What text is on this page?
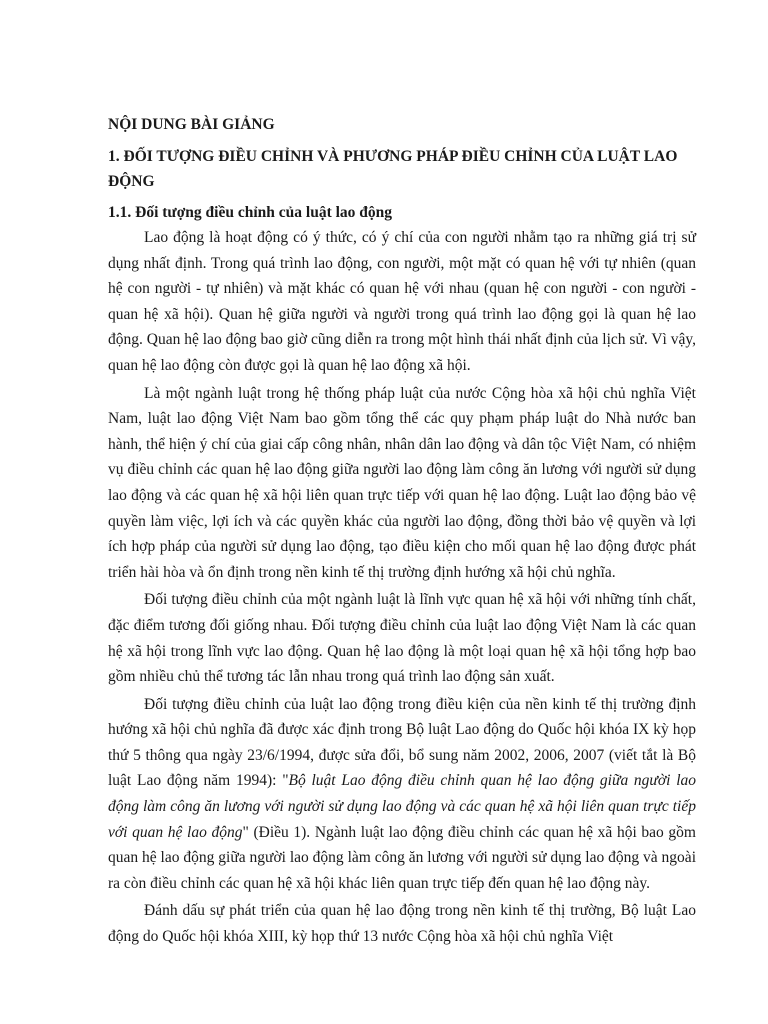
NỘI DUNG BÀI GIẢNG

1. ĐỐI TƯỢNG ĐIỀU CHỈNH VÀ PHƯƠNG PHÁP ĐIỀU CHỈNH CỦA LUẬT LAO ĐỘNG

1.1. Đối tượng điều chỉnh của luật lao động

Lao động là hoạt động có ý thức, có ý chí của con người nhằm tạo ra những giá trị sử dụng nhất định. Trong quá trình lao động, con người, một mặt có quan hệ với tự nhiên (quan hệ con người - tự nhiên) và mặt khác có quan hệ với nhau (quan hệ con người - con người - quan hệ xã hội). Quan hệ giữa người và người trong quá trình lao động gọi là quan hệ lao động. Quan hệ lao động bao giờ cũng diễn ra trong một hình thái nhất định của lịch sử. Vì vậy, quan hệ lao động còn được gọi là quan hệ lao động xã hội.

Là một ngành luật trong hệ thống pháp luật của nước Cộng hòa xã hội chủ nghĩa Việt Nam, luật lao động Việt Nam bao gồm tổng thể các quy phạm pháp luật do Nhà nước ban hành, thể hiện ý chí của giai cấp công nhân, nhân dân lao động và dân tộc Việt Nam, có nhiệm vụ điều chỉnh các quan hệ lao động giữa người lao động làm công ăn lương với người sử dụng lao động và các quan hệ xã hội liên quan trực tiếp với quan hệ lao động. Luật lao động bảo vệ quyền làm việc, lợi ích và các quyền khác của người lao động, đồng thời bảo vệ quyền và lợi ích hợp pháp của người sử dụng lao động, tạo điều kiện cho mối quan hệ lao động được phát triển hài hòa và ổn định trong nền kinh tế thị trường định hướng xã hội chủ nghĩa.

Đối tượng điều chỉnh của một ngành luật là lĩnh vực quan hệ xã hội với những tính chất, đặc điểm tương đối giống nhau. Đối tượng điều chỉnh của luật lao động Việt Nam là các quan hệ xã hội trong lĩnh vực lao động. Quan hệ lao động là một loại quan hệ xã hội tổng hợp bao gồm nhiều chủ thể tương tác lẫn nhau trong quá trình lao động sản xuất.

Đối tượng điều chỉnh của luật lao động trong điều kiện của nền kinh tế thị trường định hướng xã hội chủ nghĩa đã được xác định trong Bộ luật Lao động do Quốc hội khóa IX kỳ họp thứ 5 thông qua ngày 23/6/1994, được sửa đổi, bổ sung năm 2002, 2006, 2007 (viết tắt là Bộ luật Lao động năm 1994): "Bộ luật Lao động điều chỉnh quan hệ lao động giữa người lao động làm công ăn lương với người sử dụng lao động và các quan hệ xã hội liên quan trực tiếp với quan hệ lao động" (Điều 1). Ngành luật lao động điều chỉnh các quan hệ xã hội bao gồm quan hệ lao động giữa người lao động làm công ăn lương với người sử dụng lao động và ngoài ra còn điều chỉnh các quan hệ xã hội khác liên quan trực tiếp đến quan hệ lao động này.

Đánh dấu sự phát triển của quan hệ lao động trong nền kinh tế thị trường, Bộ luật Lao động do Quốc hội khóa XIII, kỳ họp thứ 13 nước Cộng hòa xã hội chủ nghĩa Việt
